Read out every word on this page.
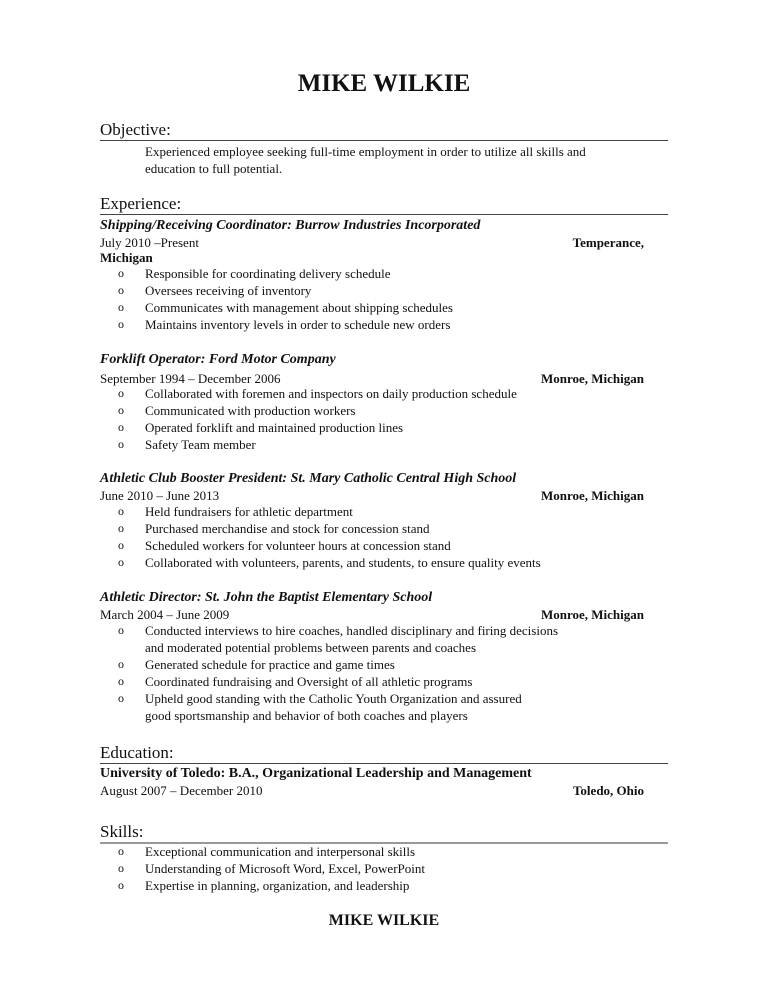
MIKE WILKIE
Objective:
Experienced employee seeking full-time employment in order to utilize all skills and
education to full potential.
Experience:
Shipping/Receiving Coordinator: Burrow Industries Incorporated
July 2010 –Present	Temperance,
Michigan
o Responsible for coordinating delivery schedule
o Oversees receiving of inventory
o Communicates with management about shipping schedules
o Maintains inventory levels in order to schedule new orders
Forklift Operator: Ford Motor Company
September 1994 – December 2006	Monroe, Michigan
o Collaborated with foremen and inspectors on daily production schedule
o Communicated with production workers
o Operated forklift and maintained production lines
o Safety Team member
Athletic Club Booster President: St. Mary Catholic Central High School
June 2010 – June 2013	Monroe, Michigan
o Held fundraisers for athletic department
o Purchased merchandise and stock for concession stand
o Scheduled workers for volunteer hours at concession stand
o Collaborated with volunteers, parents, and students, to ensure quality events
Athletic Director: St. John the Baptist Elementary School
March 2004 – June 2009	Monroe, Michigan
o Conducted interviews to hire coaches, handled disciplinary and firing decisions
and moderated potential problems between parents and coaches
o Generated schedule for practice and game times
o Coordinated fundraising and Oversight of all athletic programs
o Upheld good standing with the Catholic Youth Organization and assured
good sportsmanship and behavior of both coaches and players
Education:
University of Toledo: B.A., Organizational Leadership and Management
August 2007 – December 2010	Toledo, Ohio
Skills:
o Exceptional communication and interpersonal skills
o Understanding of Microsoft Word, Excel, PowerPoint
o Expertise in planning, organization, and leadership
MIKE WILKIE
